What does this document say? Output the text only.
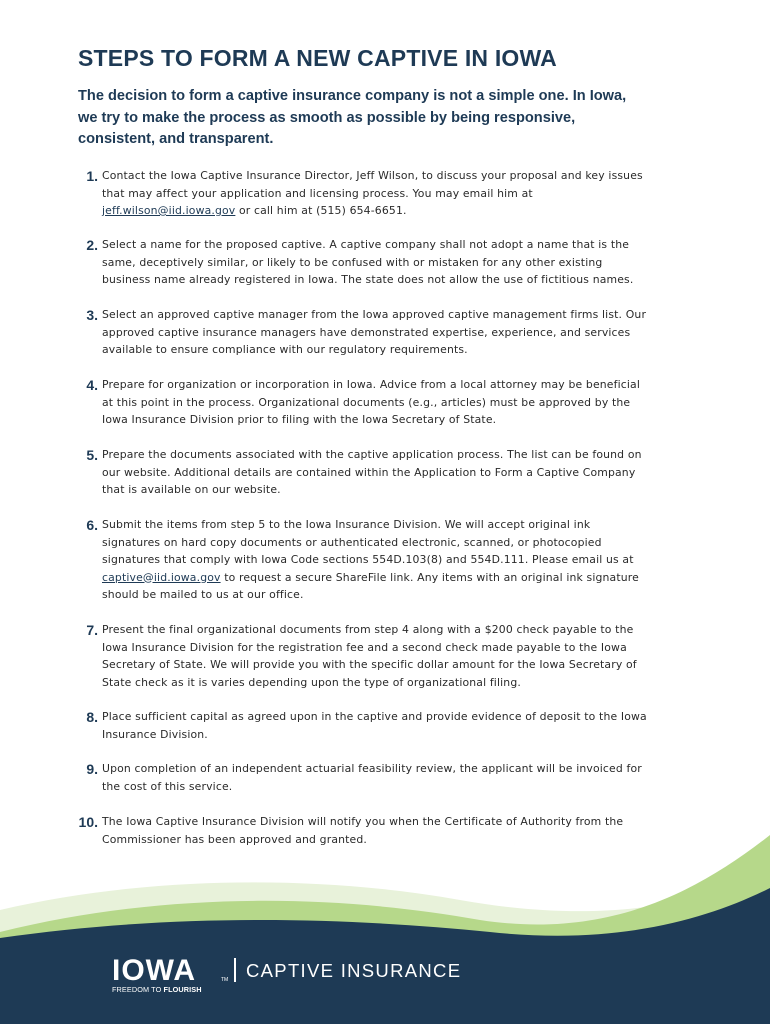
STEPS TO FORM A NEW CAPTIVE IN IOWA

The decision to form a captive insurance company is not a simple one. In Iowa,
we try to make the process as smooth as possible by being responsive,
consistent, and transparent.

1. Contact the Iowa Captive Insurance Director, Jeff Wilson, to discuss your proposal and key issues
that may affect your application and licensing process. You may email him at
jeff.wilson@iid.iowa.gov or call him at (515) 654-6651.

2. Select a name for the proposed captive. A captive company shall not adopt a name that is the
same, deceptively similar, or likely to be confused with or mistaken for any other existing
business name already registered in Iowa. The state does not allow the use of fictitious names.

3. Select an approved captive manager from the Iowa approved captive management firms list. Our
approved captive insurance managers have demonstrated expertise, experience, and services
available to ensure compliance with our regulatory requirements.

4. Prepare for organization or incorporation in Iowa. Advice from a local attorney may be beneficial
at this point in the process. Organizational documents (e.g., articles) must be approved by the
Iowa Insurance Division prior to filing with the Iowa Secretary of State.

5. Prepare the documents associated with the captive application process. The list can be found on
our website. Additional details are contained within the Application to Form a Captive Company
that is available on our website.

6. Submit the items from step 5 to the Iowa Insurance Division. We will accept original ink
signatures on hard copy documents or authenticated electronic, scanned, or photocopied
signatures that comply with Iowa Code sections 554D.103(8) and 554D.111. Please email us at
captive@iid.iowa.gov to request a secure ShareFile link. Any items with an original ink signature
should be mailed to us at our office.

7. Present the final organizational documents from step 4 along with a $200 check payable to the
Iowa Insurance Division for the registration fee and a second check made payable to the Iowa
Secretary of State. We will provide you with the specific dollar amount for the Iowa Secretary of
State check as it is varies depending upon the type of organizational filing.

8. Place sufficient capital as agreed upon in the captive and provide evidence of deposit to the Iowa
Insurance Division.

9. Upon completion of an independent actuarial feasibility review, the applicant will be invoiced for
the cost of this service.

10. The Iowa Captive Insurance Division will notify you when the Certificate of Authority from the
Commissioner has been approved and granted.

IOWA	TM
FREEDOM TO FLOURISH
CAPTIVE INSURANCE
